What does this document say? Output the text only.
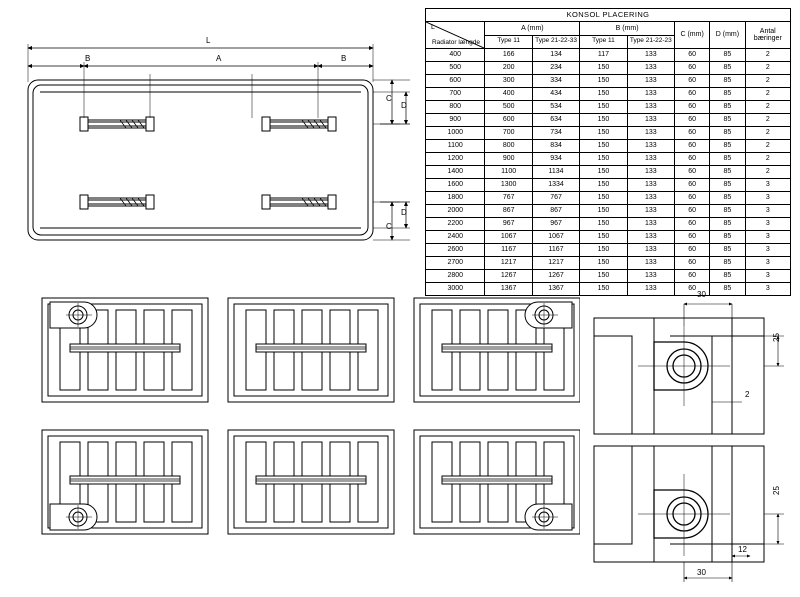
KONSOL PLACERING							

L
Radiator længde	A (mm)		B (mm)		C (mm)	D (mm)	Antal bæringer
	Type 11	Type 21-22-33	Type 11	Type 21-22-23			
400	166	134	117	133	60	85	2
500	200	234	150	133	60	85	2
600	300	334	150	133	60	85	2
700	400	434	150	133	60	85	2
800	500	534	150	133	60	85	2
900	600	634	150	133	60	85	2
1000	700	734	150	133	60	85	2
1100	800	834	150	133	60	85	2
1200	900	934	150	133	60	85	2
1400	1100	1134	150	133	60	85	2
1600	1300	1334	150	133	60	85	3
1800	767	767	150	133	60	85	3
2000	867	867	150	133	60	85	3
2200	967	967	150	133	60	85	3
2400	1067	1067	150	133	60	85	3
2600	1167	1167	150	133	60	85	3
2700	1217	1217	150	133	60	85	3
2800	1267	1267	150	133	60	85	3
3000	1367	1367	150	133	60	85	3
L
A
B	B
C
D
C
D
30
25
2
25
12
30
